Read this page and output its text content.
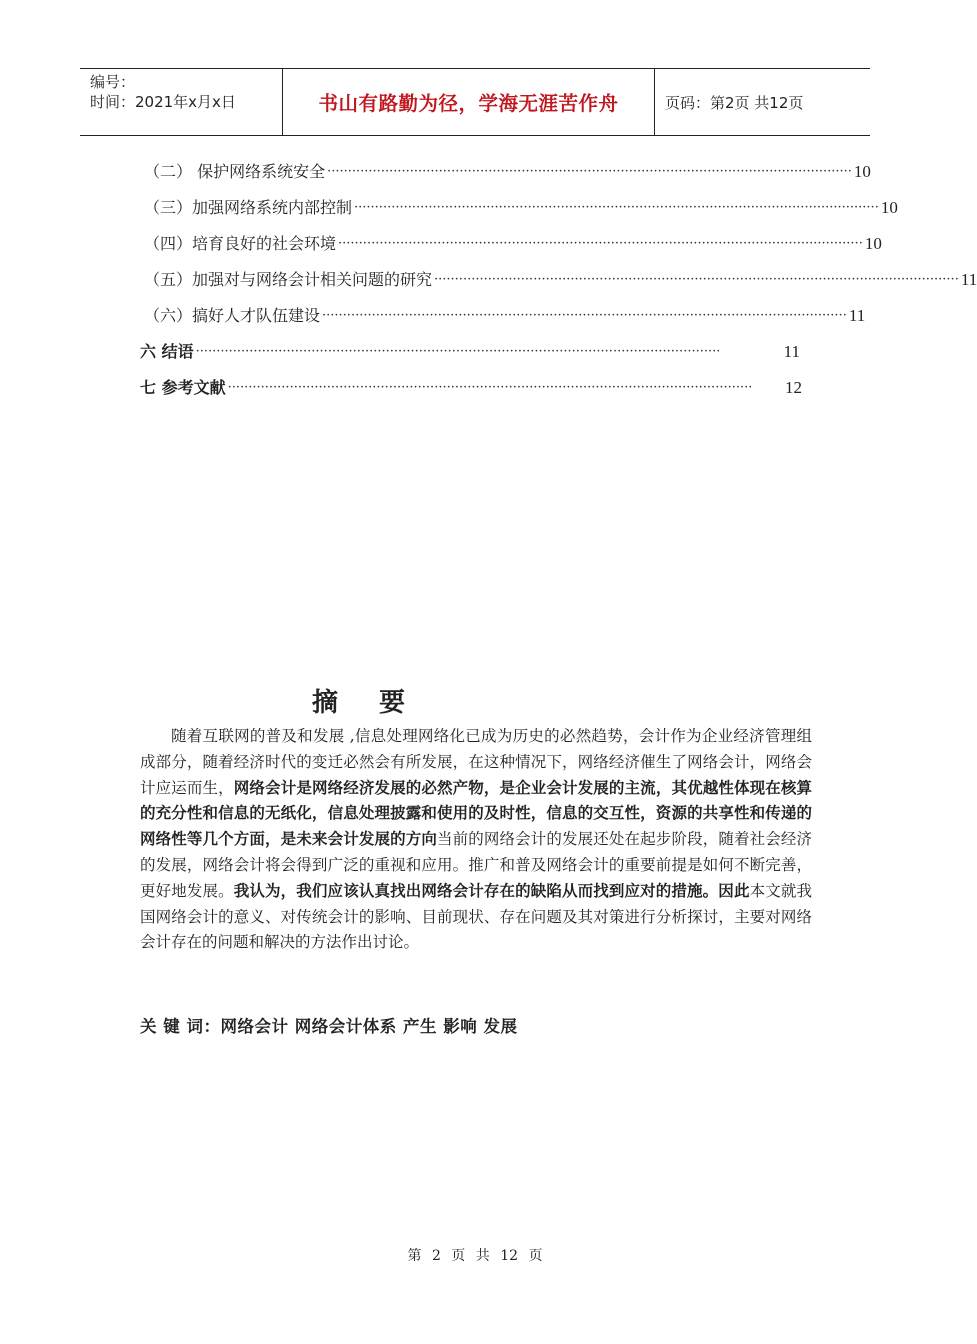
编号：
时间：2021年x月x日	书山有路勤为径，学海无涯苦作舟	页码：第2页 共12页
（二） 保护网络系统安全 ······························································································································· 10
（三）加强网络系统内部控制 ······························································································································· 10
（四）培育良好的社会环境 ······························································································································· 10
（五）加强对与网络会计相关问题的研究 ······························································································································· 11
（六）搞好人才队伍建设 ······························································································································· 11
六 结语 ·······························································································································	11
七 参考文献 ·······························································································································	12
摘 要
随着互联网的普及和发展 ,信息处理网络化已成为历史的必然趋势，会计作为企业经济管理组成部分，随着经济时代的变迁必然会有所发展，在这种情况下，网络经济催生了网络会计，网络会计应运而生，网络会计是网络经济发展的必然产物，是企业会计发展的主流，其优越性体现在核算的充分性和信息的无纸化，信息处理披露和使用的及时性，信息的交互性，资源的共享性和传递的网络性等几个方面，是未来会计发展的方向当前的网络会计的发展还处在起步阶段，随着社会经济的发展，网络会计将会得到广泛的重视和应用。推广和普及网络会计的重要前提是如何不断完善，更好地发展。我认为，我们应该认真找出网络会计存在的缺陷从而找到应对的措施。因此本文就我国网络会计的意义、对传统会计的影响、目前现状、存在问题及其对策进行分析探讨，主要对网络会计存在的问题和解决的方法作出讨论。
关 键 词：网络会计 网络会计体系 产生 影响 发展
第 2 页 共 12 页
